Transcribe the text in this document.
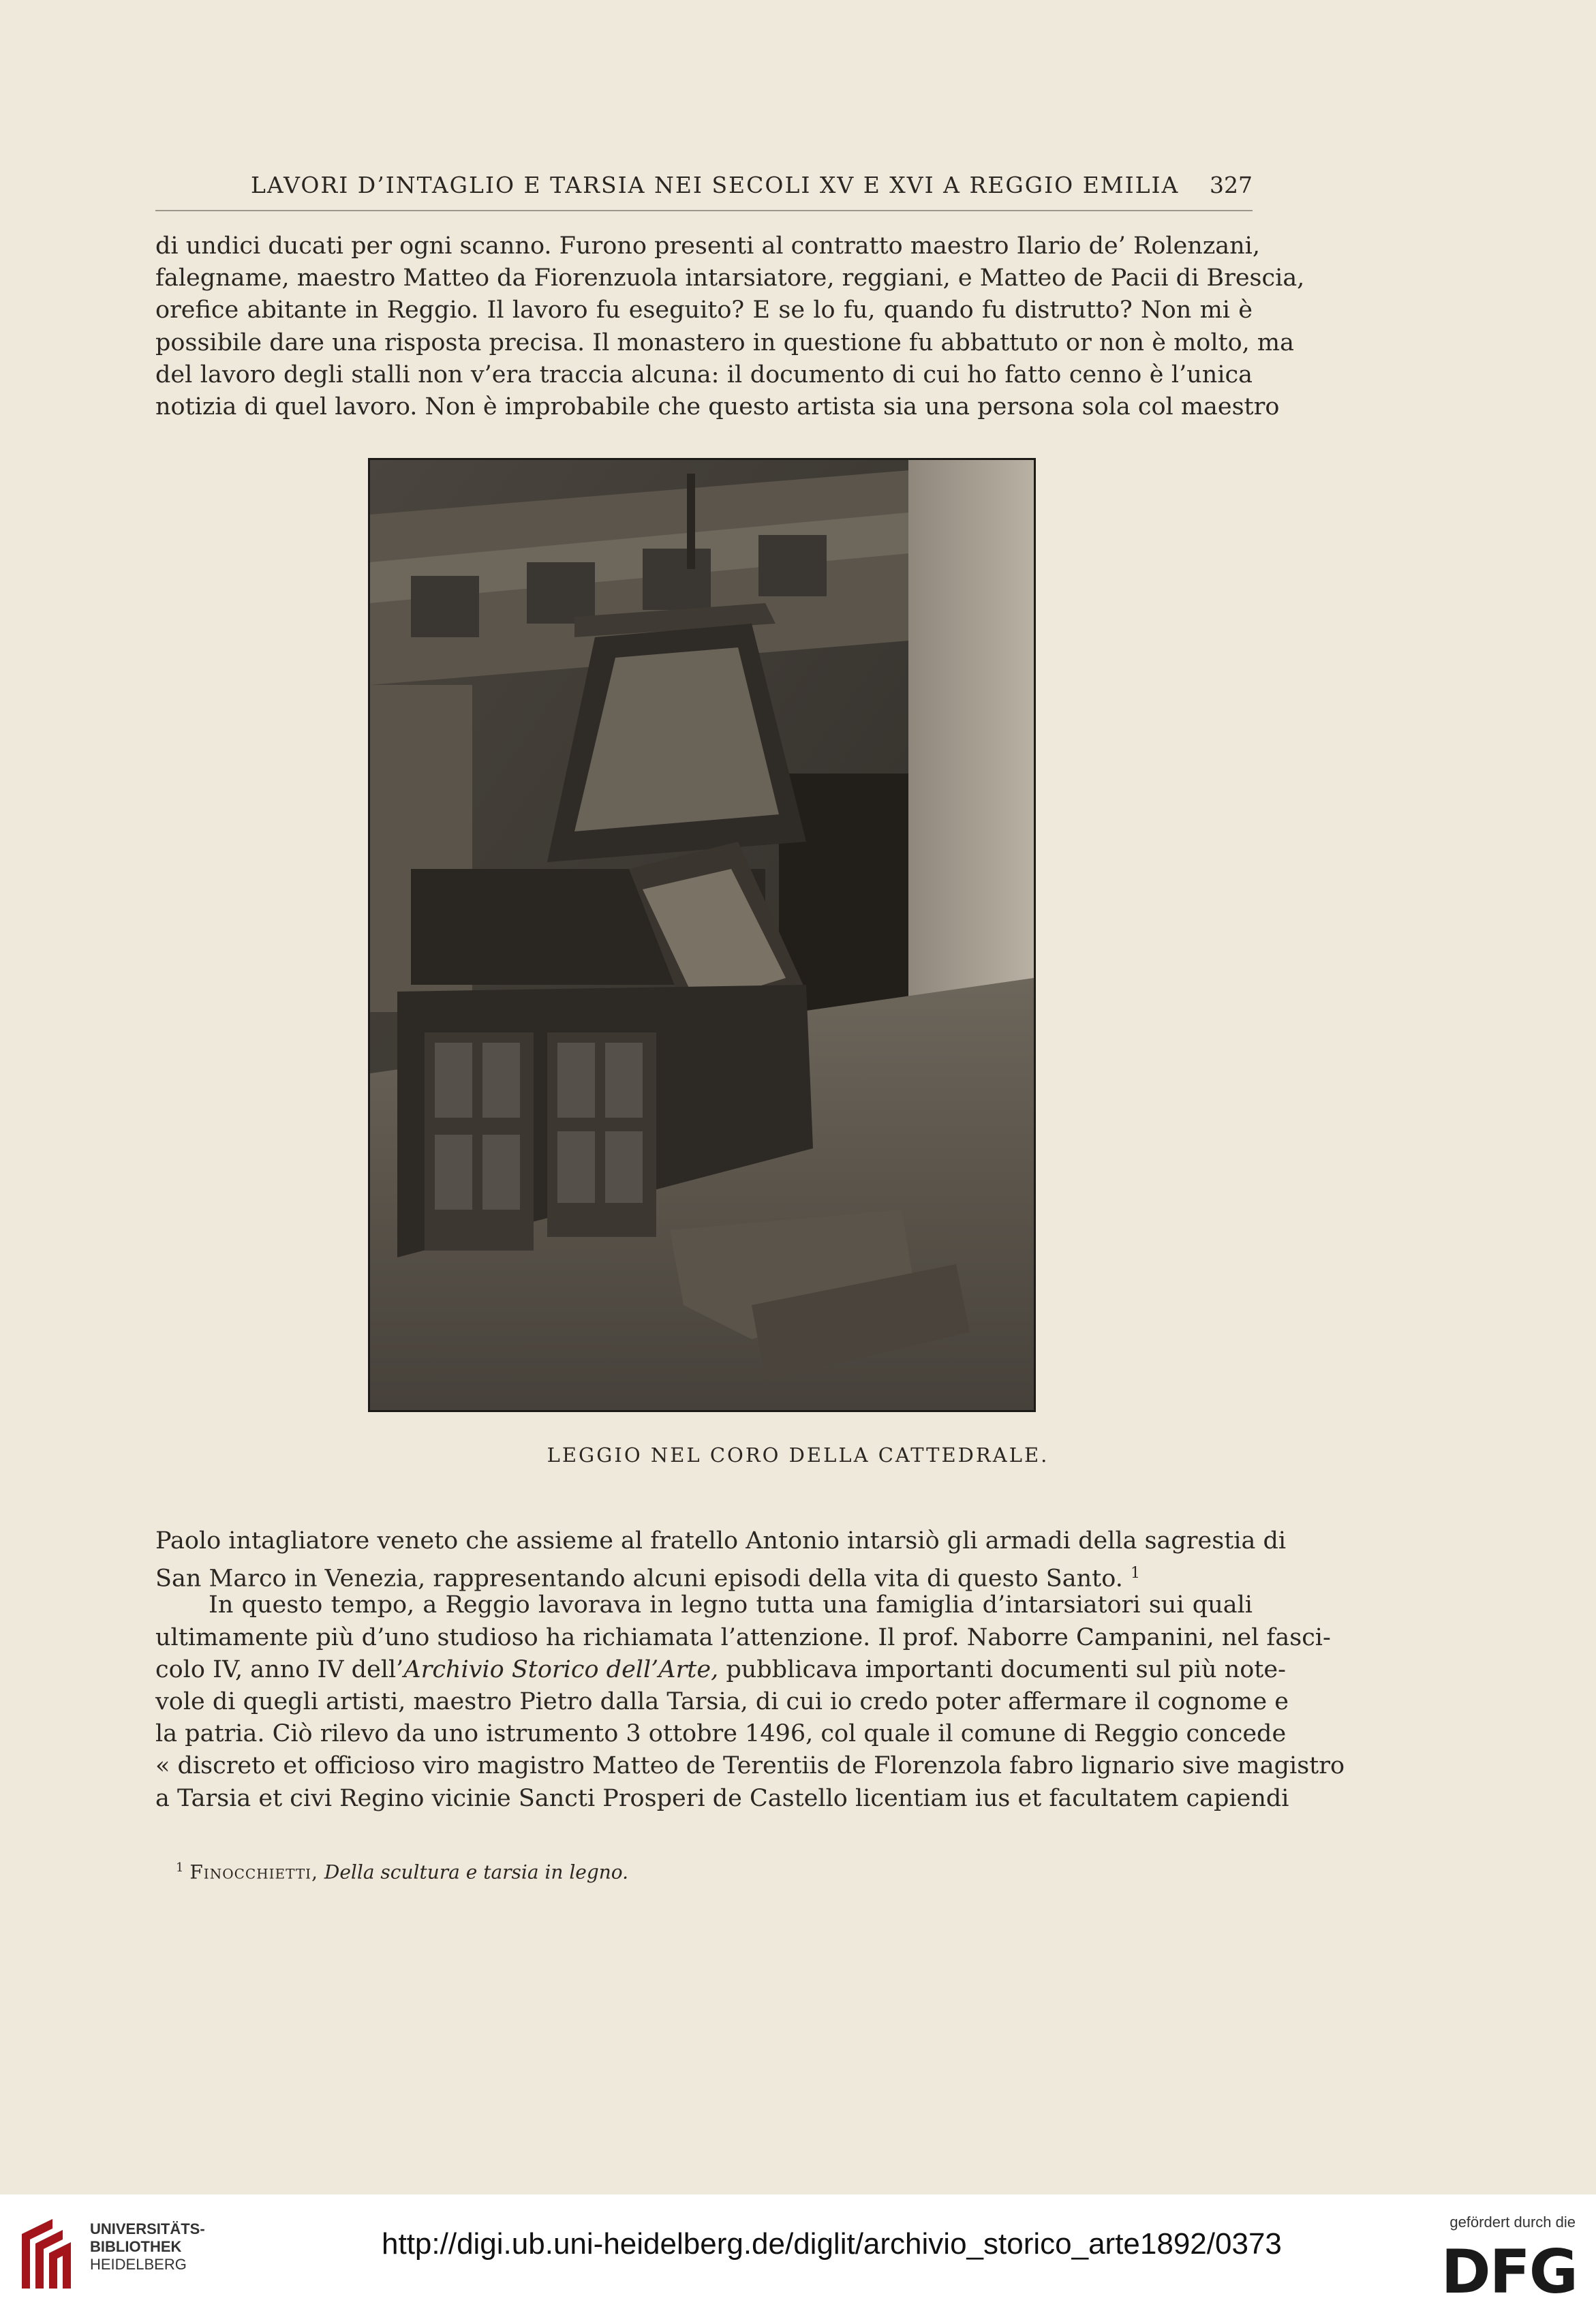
LAVORI D’INTAGLIO E TARSIA NEI SECOLI XV E XVI A REGGIO EMILIA 327
di undici ducati per ogni scanno. Furono presenti al contratto maestro Ilario de’ Rolenzani,
falegname, maestro Matteo da Fiorenzuola intarsiatore, reggiani, e Matteo de Pacii di Brescia,
orefice abitante in Reggio. Il lavoro fu eseguito? E se lo fu, quando fu distrutto? Non mi è
possibile dare una risposta precisa. Il monastero in questione fu abbattuto or non è molto, ma
del lavoro degli stalli non v’era traccia alcuna: il documento di cui ho fatto cenno è l’unica
notizia di quel lavoro. Non è improbabile che questo artista sia una persona sola col maestro
LEGGIO NEL CORO DELLA CATTEDRALE.
Paolo intagliatore veneto che assieme al fratello Antonio intarsiò gli armadi della sagrestia di
San Marco in Venezia, rappresentando alcuni episodi della vita di questo Santo. $^1$
In questo tempo, a Reggio lavorava in legno tutta una famiglia d’intarsiatori sui quali
ultimamente più d’uno studioso ha richiamata l’attenzione. Il prof. Naborre Campanini, nel fasci-
colo IV, anno IV dell’Archivio Storico dell’Arte, pubblicava importanti documenti sul più note-
vole di quegli artisti, maestro Pietro dalla Tarsia, di cui io credo poter affermare il cognome e
la patria. Ciò rilevo da uno istrumento 3 ottobre 1496, col quale il comune di Reggio concede
« discreto et officioso viro magistro Matteo de Terentiis de Florenzola fabro lignario sive magistro
a Tarsia et civi Regino vicinie Sancti Prosperi de Castello licentiam ius et facultatem capiendi
$^1$ Finocchietti, Della scultura e tarsia in legno.
UNIVERSITÄTS-
BIBLIOTHEK
HEIDELBERG
http://digi.ub.uni-heidelberg.de/diglit/archivio_storico_arte1892/0373
gefördert durch die
DFG
